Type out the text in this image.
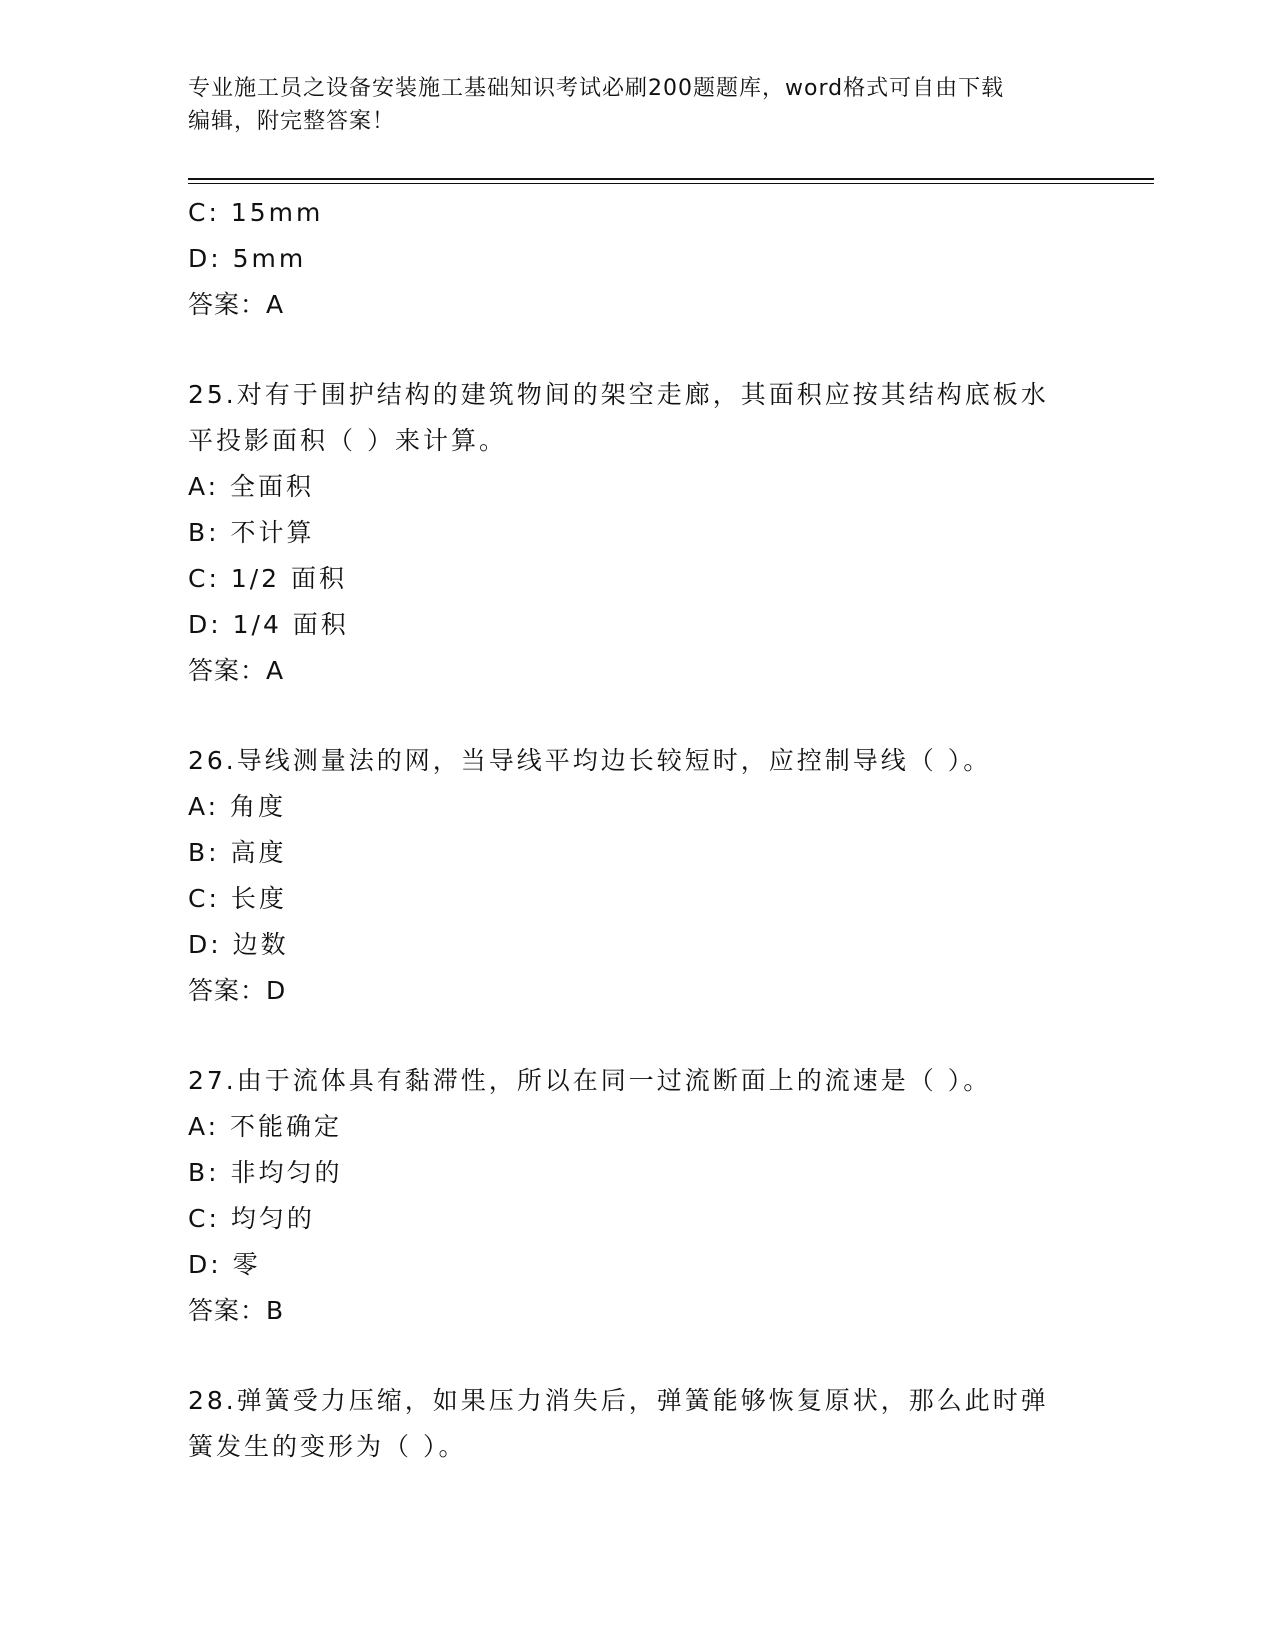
专业施工员之设备安装施工基础知识考试必刷200题题库，word格式可自由下载
编辑，附完整答案！
C: 15mm
D: 5mm
答案：A
25.对有于围护结构的建筑物间的架空走廊，其面积应按其结构底板水
平投影面积（ ）来计算。
A: 全面积
B: 不计算
C: 1/2 面积
D: 1/4 面积
答案：A
26.导线测量法的网，当导线平均边长较短时，应控制导线（ ）。
A: 角度
B: 高度
C: 长度
D: 边数
答案：D
27.由于流体具有黏滞性，所以在同一过流断面上的流速是（ ）。
A: 不能确定
B: 非均匀的
C: 均匀的
D: 零
答案：B
28.弹簧受力压缩，如果压力消失后，弹簧能够恢复原状，那么此时弹
簧发生的变形为（ ）。
